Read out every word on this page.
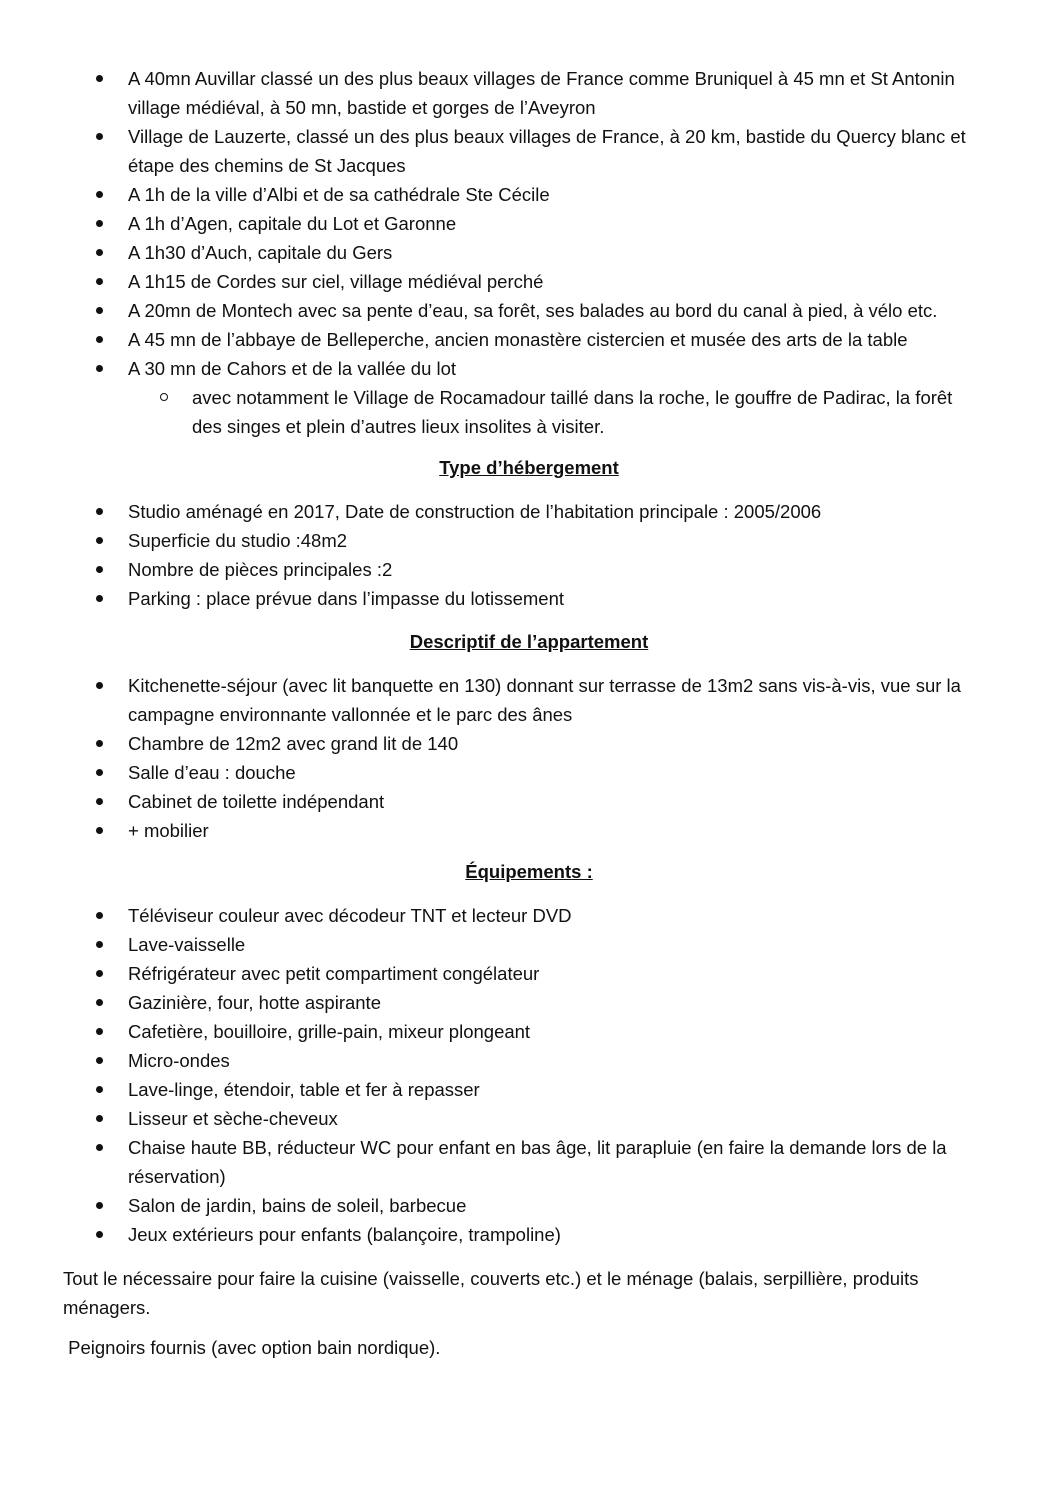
A 40mn Auvillar classé un des plus beaux villages de France comme Bruniquel à 45 mn et St Antonin village médiéval, à 50 mn, bastide et gorges de l’Aveyron
Village de Lauzerte, classé un des plus beaux villages de France, à 20 km, bastide du Quercy blanc et étape des chemins de St Jacques
A 1h de la ville d’Albi et de sa cathédrale Ste Cécile
A 1h d’Agen, capitale du Lot et Garonne
A 1h30 d’Auch, capitale du Gers
A 1h15 de Cordes sur ciel, village médiéval perché
A 20mn de Montech avec sa pente d’eau, sa forêt, ses balades au bord du canal à pied, à vélo etc.
A 45 mn de l’abbaye de Belleperche, ancien monastère cistercien et musée des arts de la table
A 30 mn de Cahors et de la vallée du lot
avec notamment le Village de Rocamadour taillé dans la roche, le gouffre de Padirac, la forêt des singes et plein d’autres lieux insolites à visiter.
Type d’hébergement
Studio aménagé en 2017, Date de construction de l’habitation principale : 2005/2006
Superficie du studio :48m2
Nombre de pièces principales :2
Parking : place prévue dans l’impasse du lotissement
Descriptif de l’appartement
Kitchenette-séjour (avec lit banquette en 130) donnant sur terrasse de 13m2 sans vis-à-vis, vue sur la campagne environnante vallonnée et le parc des ânes
Chambre de 12m2 avec grand lit de 140
Salle d’eau : douche
Cabinet de toilette indépendant
+ mobilier
Équipements :
Téléviseur couleur avec décodeur TNT et lecteur DVD
Lave-vaisselle
Réfrigérateur avec petit compartiment congélateur
Gazinière, four, hotte aspirante
Cafetière, bouilloire, grille-pain, mixeur plongeant
Micro-ondes
Lave-linge, étendoir, table et fer à repasser
Lisseur et sèche-cheveux
Chaise haute BB, réducteur WC pour enfant en bas âge, lit parapluie (en faire la demande lors de la réservation)
Salon de jardin, bains de soleil, barbecue
Jeux extérieurs pour enfants (balançoire, trampoline)

Tout le nécessaire pour faire la cuisine (vaisselle, couverts etc.) et le ménage (balais, serpillière, produits ménagers.

Peignoirs fournis (avec option bain nordique).
